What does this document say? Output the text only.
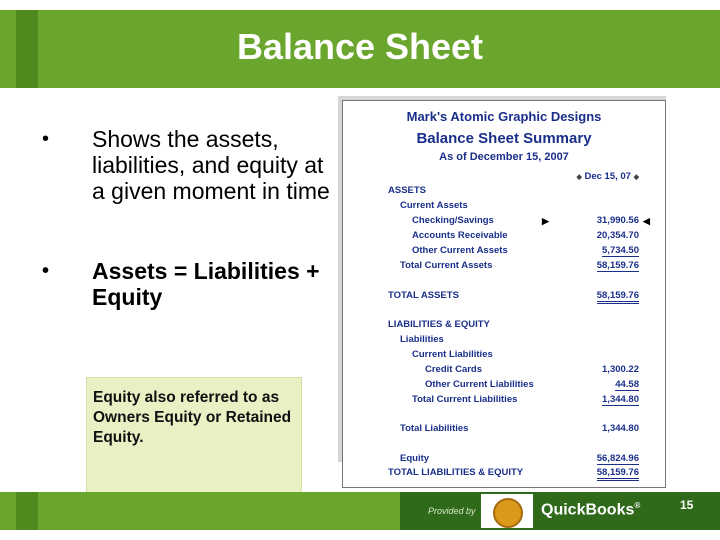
Balance Sheet
• Shows the assets, liabilities, and equity at a given moment in time
• Assets = Liabilities + Equity

Equity also referred to as Owners Equity or Retained Equity.

Mark's Atomic Graphic Designs
Balance Sheet Summary
As of December 15, 2007
◆ Dec 15, 07 ◆
ASSETS
Current Assets
Checking/Savings	▶	31,990.56 ◀
Accounts Receivable	20,354.70
Other Current Assets	5,734.50
Total Current Assets	58,159.76
TOTAL ASSETS	58,159.76
LIABILITIES & EQUITY
Liabilities
Current Liabilities
Credit Cards	1,300.22
Other Current Liabilities	44.58
Total Current Liabilities	1,344.80
Total Liabilities	1,344.80
Equity	56,824.96
TOTAL LIABILITIES & EQUITY	58,159.76
Provided by	QuickBooks®	15
